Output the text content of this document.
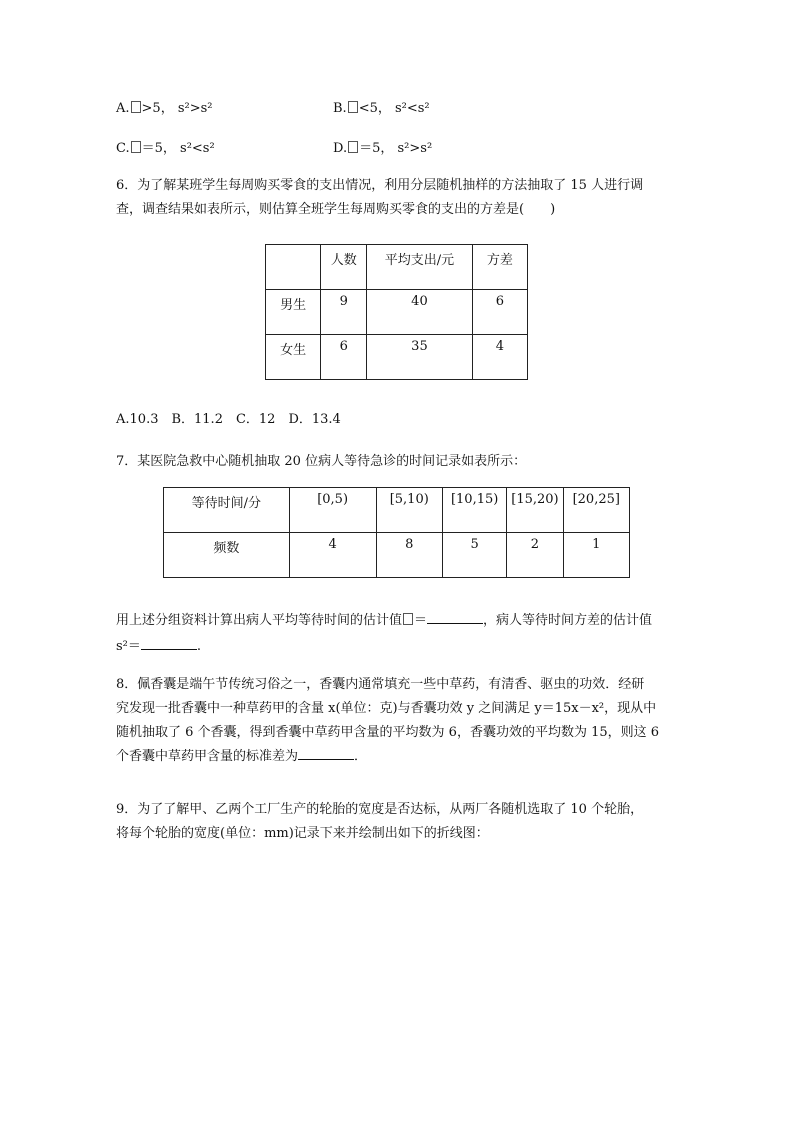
A. >5， s²>s²	B. <5， s²<s²
C. ＝5， s²<s²	D. ＝5， s²>s²
6．为了解某班学生每周购买零食的支出情况，利用分层随机抽样的方法抽取了 15 人进行调
查，调查结果如表所示，则估算全班学生每周购买零食的支出的方差是(　　)
	人数	平均支出/元	方差
男生	9	40	6
女生	6	35	4
A.10.3　B．11.2　C．12　D．13.4
7．某医院急救中心随机抽取 20 位病人等待急诊的时间记录如表所示：
等待时间/分	[0,5)	[5,10)	[10,15)	[15,20)	[20,25]
频数	4	8	5	2	1
用上述分组资料计算出病人平均等待时间的估计值 ＝	，病人等待时间方差的估计值
s²＝	.
8．佩香囊是端午节传统习俗之一，香囊内通常填充一些中草药，有清香、驱虫的功效．经研
究发现一批香囊中一种草药甲的含量 x(单位：克)与香囊功效 y 之间满足 y＝15x－x²，现从中
随机抽取了 6 个香囊，得到香囊中草药甲含量的平均数为 6，香囊功效的平均数为 15，则这 6
个香囊中草药甲含量的标准差为	．
9．为了了解甲、乙两个工厂生产的轮胎的宽度是否达标，从两厂各随机选取了 10 个轮胎，
将每个轮胎的宽度(单位：mm)记录下来并绘制出如下的折线图：
